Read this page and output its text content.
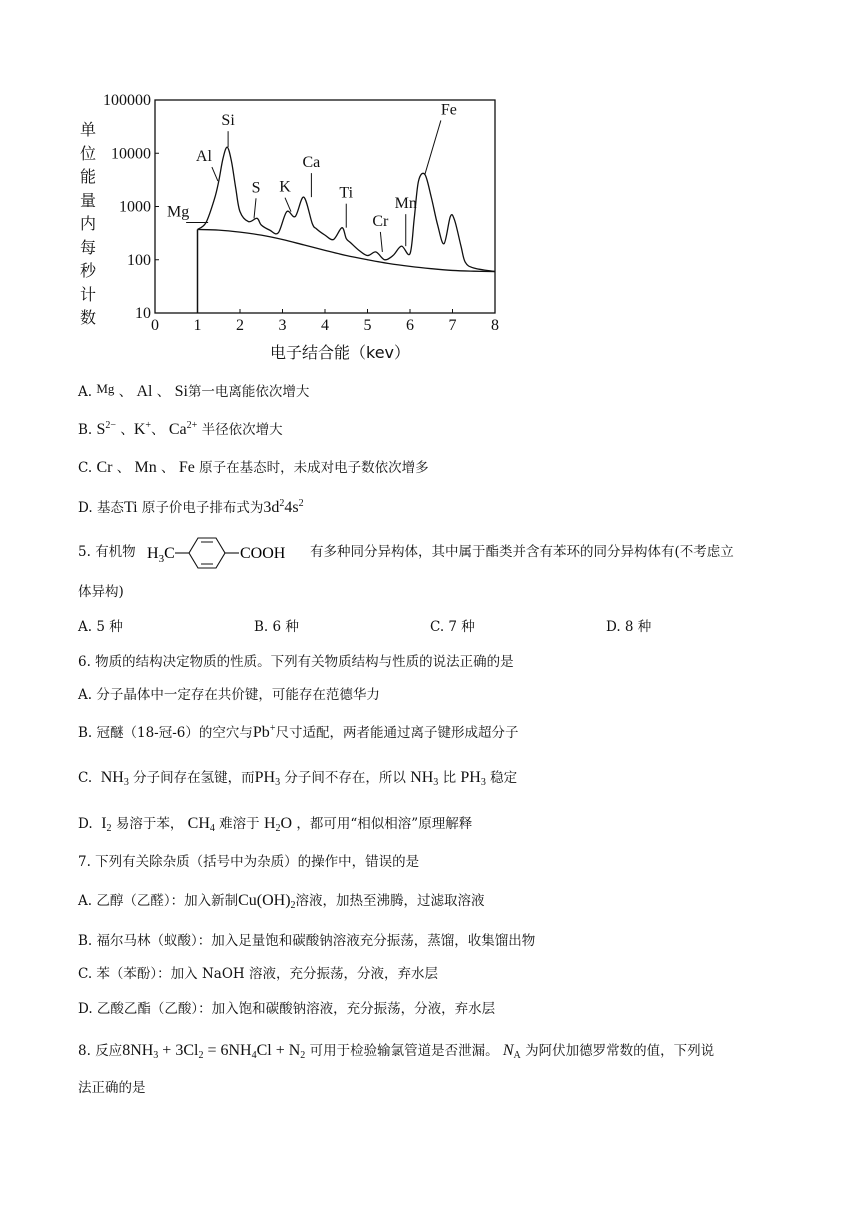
10
100
1000
10000
100000
0 1 2 3 4 5 6 7 8
Si
Al
Mg
S K
Ca
Ti
Cr
Mn
Fe
单位能量内每秒计数
电子结合能（kev）
A. Mg 、 Al 、 Si第一电离能依次增大
B. $S^{2-}$ 、K+、 $Ca^{2+}$ 半径依次增大
C. Cr 、 Mn 、 Fe 原子在基态时，未成对电子数依次增多
D. 基态Ti 原子价电子排布式为$3d^24s^2$
5. 有机物 $H_3C$	COOH 有多种同分异构体，其中属于酯类并含有苯环的同分异构体有(不考虑立
体异构)
A. 5 种	B. 6 种	C. 7 种	D. 8 种
6. 物质的结构决定物质的性质。下列有关物质结构与性质的说法正确的是
A. 分子晶体中一定存在共价键，可能存在范德华力
B. 冠醚（18-冠-6）的空穴与Pb+尺寸适配，两者能通过离子键形成超分子
C.  $NH_3$ 分子间存在氢键，而$PH_3$ 分子间不存在，所以 $NH_3$ 比 $PH_3$ 稳定
D.  $I_2$ 易溶于苯， $CH_4$ 难溶于 $H_2O$ ，都可用“相似相溶”原理解释
7. 下列有关除杂质（括号中为杂质）的操作中，错误的是
A. 乙醇（乙醛）：加入新制$Cu(OH)_2$溶液，加热至沸腾，过滤取溶液
B. 福尔马林（蚁酸）：加入足量饱和碳酸钠溶液充分振荡，蒸馏，收集馏出物
C. 苯（苯酚）：加入 NaOH 溶液，充分振荡，分液，弃水层
D. 乙酸乙酯（乙酸）：加入饱和碳酸钠溶液，充分振荡，分液，弃水层
8. 反应$8NH_3 + 3Cl_2 = 6NH_4Cl + N_2$ 可用于检验输氯管道是否泄漏。 $N_A$ 为阿伏加德罗常数的值，下列说
法正确的是
